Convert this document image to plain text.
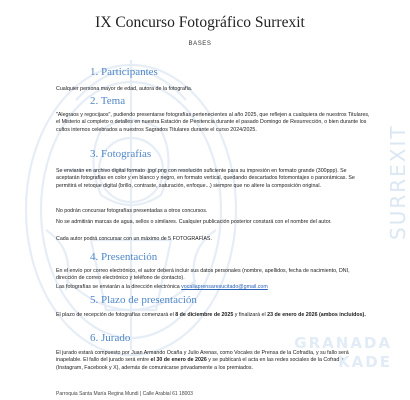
SURREXIT
IX Concurso Fotográfico Surrexit
BASES
1. Participantes
Cualquier persona mayor de edad, autora de la fotografía.
2. Tema
"Alegraos y regocijaos", pudiendo presentarse fotografías pertenecientes al año 2025, que reflejen a cualquiera de nuestros Titulares, el Misterio al completo o detalles en nuestra Estación de Penitencia durante el pasado Domingo de Resurrección, o bien durante los cultos internos celebrados a nuestros Sagrados Titulares durante el curso 2024/2025.
3. Fotografías
Se enviarán en archivo digital formato .jpg/.png con resolución suficiente para su impresión en formato grande (300ppp). Se aceptarán fotografías en color y en blanco y negro, en formato vertical, quedando descartados fotomontajes o panorámicas. Se permitirá el retoque digital (brillo, contraste, saturación, enfoque...) siempre que no altere la composición original.
No podrán concursar fotografías presentadas a otros concursos.
No se admitirán marcas de agua, sellos o similares. Cualquier publicación posterior constará con el nombre del autor.
Cada autor podrá concursar con un máximo de 5 FOTOGRAFÍAS.
4. Presentación
En el envío por correo electrónico, el autor deberá incluir sus datos personales (nombre, apellidos, fecha de nacimiento, DNI, dirección de correo electrónico y teléfono de contacto).
Las fotografías se enviarán a la dirección electrónica vocaliaprensaresucitado@gmail.com
5. Plazo de presentación
El plazo de recepción de fotografías comenzará el 8 de diciembre de 2025 y finalizará el 23 de enero de 2026 (ambos incluidos).
6. Jurado
El jurado estará compuesto por Juan Armando Ocaña y Julio Arenas, como Vocales de Prensa de la Cofradía, y su fallo será inapelable. El fallo del jurado será entre el 30 de enero de 2026 y se publicará el acta en las redes sociales de la Cofradía (Instagram, Facebook y X), además de comunicarse privadamente a los premiados.
GRANADA
KADE
Parroquia Santa María Regina Mundi | Calle Arabial 61 18003
